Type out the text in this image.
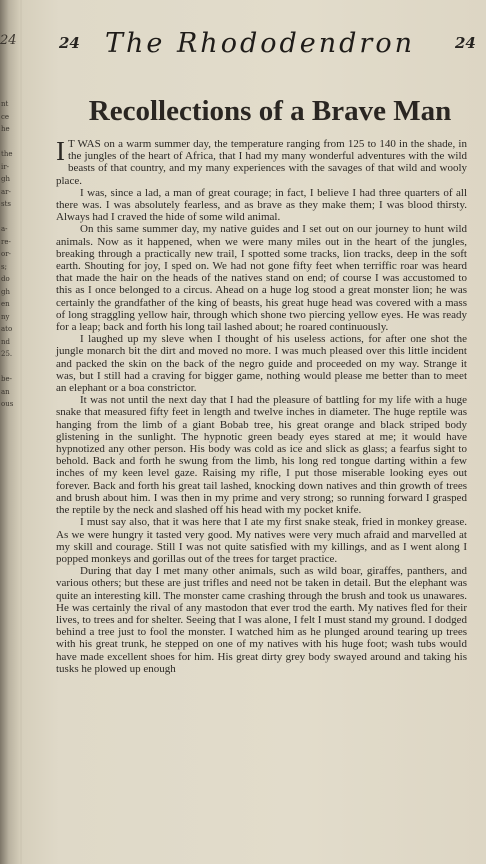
24
nt
ce
he
the
ir-
gh
ar-
sts
a-
re-
or-
s;
do
gh
en
ny
ato
nd
25.
be-
an
ous
24 The Rhododendron	24
Recollections of a Brave Man

I T WAS on a warm summer day, the temperature ranging from 125 to 140 in the shade, in the jungles of the heart of Africa, that I had my many wonderful adventures with the wild beasts of that country, and my many experiences with the savages of that wild and wooly place.

I was, since a lad, a man of great courage; in fact, I believe I had three quarters of all there was. I was absolutely fearless, and as brave as they make them; I was blood thirsty. Always had I craved the hide of some wild animal.

On this same summer day, my native guides and I set out on our journey to hunt wild animals. Now as it happened, when we were many miles out in the heart of the jungles, breaking through a practically new trail, I spotted some tracks, lion tracks, deep in the soft earth. Shouting for joy, I sped on. We had not gone fifty feet when terriffic roar was heard that made the hair on the heads of the natives stand on end; of course I was accustomed to this as I once belonged to a circus. Ahead on a huge log stood a great monster lion; he was certainly the grandfather of the king of beasts, his great huge head was covered with a mass of long straggling yellow hair, through which shone two piercing yellow eyes. He was ready for a leap; back and forth his long tail lashed about; he roared continuously.

I laughed up my sleve when I thought of his useless actions, for after one shot the jungle monarch bit the dirt and moved no more. I was much pleased over this little incident and packed the skin on the back of the negro guide and proceeded on my way. Strange it was, but I still had a craving for bigger game, nothing would please me better than to meet an elephant or a boa constrictor.

It was not until the next day that I had the pleasure of battling for my life with a huge snake that measured fifty feet in length and twelve inches in diameter. The huge reptile was hanging from the limb of a giant Bobab tree, his great orange and black striped body glistening in the sunlight. The hypnotic green beady eyes stared at me; it would have hypnotized any other person. His body was cold as ice and slick as glass; a fearfus sight to behold. Back and forth he swung from the limb, his long red tongue darting within a few inches of my keen level gaze. Raising my rifle, I put those miserable looking eyes out forever. Back and forth his great tail lashed, knocking down natives and thin growth of trees and brush about him. I was then in my prime and very strong; so running forward I grasped the reptile by the neck and slashed off his head with my pocket knife.

I must say also, that it was here that I ate my first snake steak, fried in monkey grease. As we were hungry it tasted very good. My natives were very much afraid and marvelled at my skill and courage. Still I was not quite satisfied with my killings, and as I went along I popped monkeys and gorillas out of the trees for target practice.

During that day I met many other animals, such as wild boar, giraffes, panthers, and various others; but these are just trifles and need not be taken in detail. But the elephant was quite an interesting kill. The monster came crashing through the brush and took us unawares. He was certainly the rival of any mastodon that ever trod the earth. My natives fled for their lives, to trees and for shelter. Seeing that I was alone, I felt I must stand my ground. I dodged behind a tree just to fool the monster. I watched him as he plunged around tearing up trees with his great trunk, he stepped on one of my natives with his huge foot; wash tubs would have made excellent shoes for him. His great dirty grey body swayed around and taking his tusks he plowed up enough
